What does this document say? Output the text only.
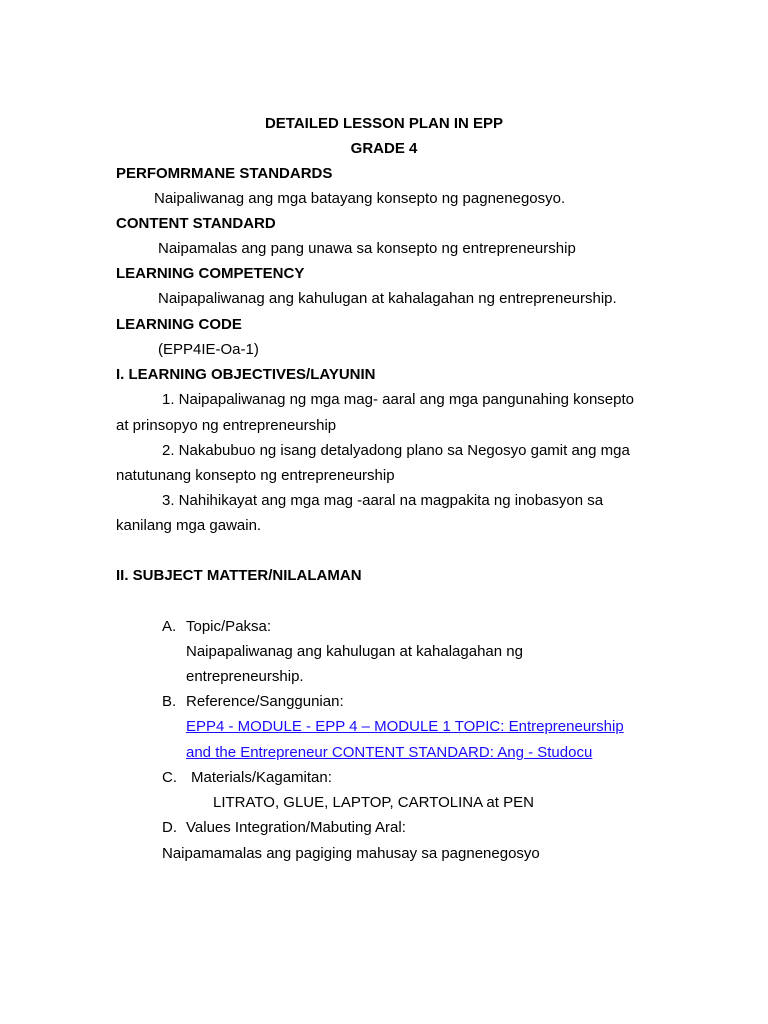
DETAILED LESSON PLAN IN EPP
GRADE 4
PERFOMRMANE STANDARDS
Naipaliwanag ang mga batayang konsepto ng pagnenegosyo.
CONTENT STANDARD
Naipamalas ang pang unawa sa konsepto ng entrepreneurship
LEARNING COMPETENCY
Naipapaliwanag ang kahulugan at kahalagahan ng entrepreneurship.
LEARNING CODE
(EPP4IE-Oa-1)
I. LEARNING OBJECTIVES/LAYUNIN
1. Naipapaliwanag ng mga mag- aaral ang mga pangunahing konsepto
at prinsopyo ng entrepreneurship
2. Nakabubuo ng isang detalyadong plano sa Negosyo gamit ang mga
natutunang konsepto ng entrepreneurship
3. Nahihikayat ang mga mag -aaral na magpakita ng inobasyon sa
kanilang mga gawain.
II. SUBJECT MATTER/NILALAMAN
A. Topic/Paksa:
Naipapaliwanag ang kahulugan at kahalagahan ng
entrepreneurship.
B. Reference/Sanggunian:
EPP4 - MODULE - EPP 4 – MODULE 1 TOPIC: Entrepreneurship
and the Entrepreneur CONTENT STANDARD: Ang - Studocu
C. Materials/Kagamitan:
LITRATO, GLUE, LAPTOP, CARTOLINA at PEN
D. Values Integration/Mabuting Aral:
Naipamamalas ang pagiging mahusay sa pagnenegosyo
